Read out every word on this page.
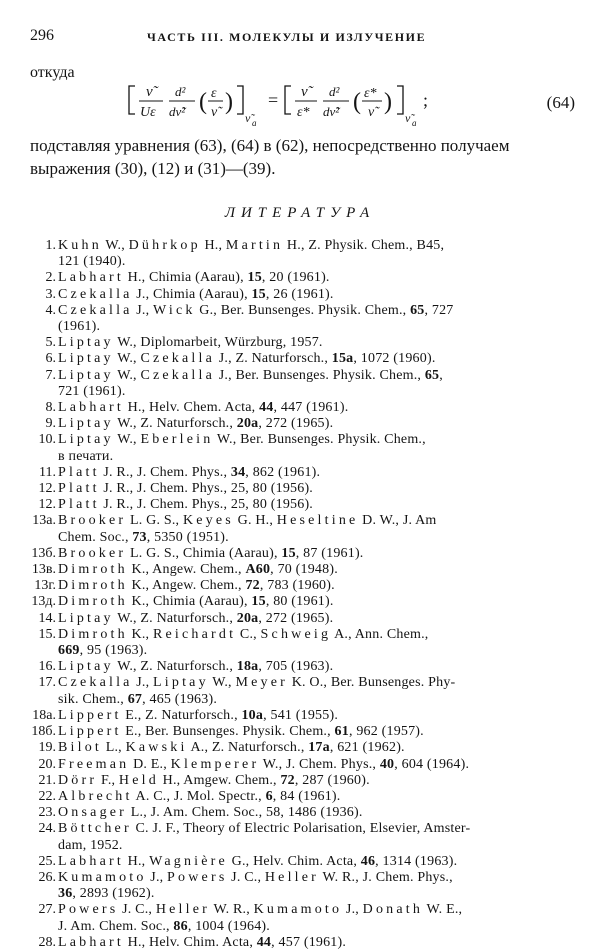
296	ЧАСТЬ III. МОЛЕКУЛЫ И ИЗЛУЧЕНИЕ
откуда
ν̃
Uε
d²
dν̃² ( ε
ν̃ )
ν̃ a
= ν̃
ε*
d²
dν̃² ( ε*
ν̃ )
ν̃ a
;	(64)
подставляя уравнения (63), (64) в (62), непосредственно получаем
выражения (30), (12) и (31)—(39).
ЛИТЕРАТУРА
1. Kuhn W., Dührkop H., Martin H., Z. Physik. Chem., B45,
121 (1940).
2. Labhart H., Chimia (Aarau), 15, 20 (1961).
3. Czekalla J., Chimia (Aarau), 15, 26 (1961).
4. Czekalla J., Wick G., Ber. Bunsenges. Physik. Chem., 65, 727
(1961).
5. Liptay W., Diplomarbeit, Würzburg, 1957.
6. Liptay W., Czekalla J., Z. Naturforsch., 15a, 1072 (1960).
7. Liptay W., Czekalla J., Ber. Bunsenges. Physik. Chem., 65,
721 (1961).
8. Labhart H., Helv. Chem. Acta, 44, 447 (1961).
9. Liptay W., Z. Naturforsch., 20a, 272 (1965).
10. Liptay W., Eberlein W., Ber. Bunsenges. Physik. Chem.,
в печати.
11. Platt J. R., J. Chem. Phys., 34, 862 (1961).
12. Platt J. R., J. Chem. Phys., 25, 80 (1956).
12. Platt J. R., J. Chem. Phys., 25, 80 (1956).
13а. Brooker L. G. S., Keyes G. H., Heseltine D. W., J. Am
Chem. Soc., 73, 5350 (1951).
13б. Brooker L. G. S., Chimia (Aarau), 15, 87 (1961).
13в. Dimroth K., Angew. Chem., A60, 70 (1948).
13г. Dimroth K., Angew. Chem., 72, 783 (1960).
13д. Dimroth K., Chimia (Aarau), 15, 80 (1961).
14. Liptay W., Z. Naturforsch., 20a, 272 (1965).
15. Dimroth K., Reichardt C., Schweig A., Ann. Chem.,
669, 95 (1963).
16. Liptay W., Z. Naturforsch., 18a, 705 (1963).
17. Czekalla J., Liptay W., Meyer K. O., Ber. Bunsenges. Phy-
sik. Chem., 67, 465 (1963).
18а. Lippert E., Z. Naturforsch., 10a, 541 (1955).
18б. Lippert E., Ber. Bunsenges. Physik. Chem., 61, 962 (1957).
19. Bilot L., Kawski A., Z. Naturforsch., 17a, 621 (1962).
20. Freeman D. E., Klemperer W., J. Chem. Phys., 40, 604 (1964).
21. Dörr F., Held H., Amgew. Chem., 72, 287 (1960).
22. Albrecht A. C., J. Mol. Spectr., 6, 84 (1961).
23. Onsager L., J. Am. Chem. Soc., 58, 1486 (1936).
24. Böttcher C. J. F., Theory of Electric Polarisation, Elsevier, Amster-
dam, 1952.
25. Labhart H., Wagnière G., Helv. Chim. Acta, 46, 1314 (1963).
26. Kumamoto J., Powers J. C., Heller W. R., J. Chem. Phys.,
36, 2893 (1962).
27. Powers J. C., Heller W. R., Kumamoto J., Donath W. E.,
J. Am. Chem. Soc., 86, 1004 (1964).
28. Labhart H., Helv. Chim. Acta, 44, 457 (1961).
